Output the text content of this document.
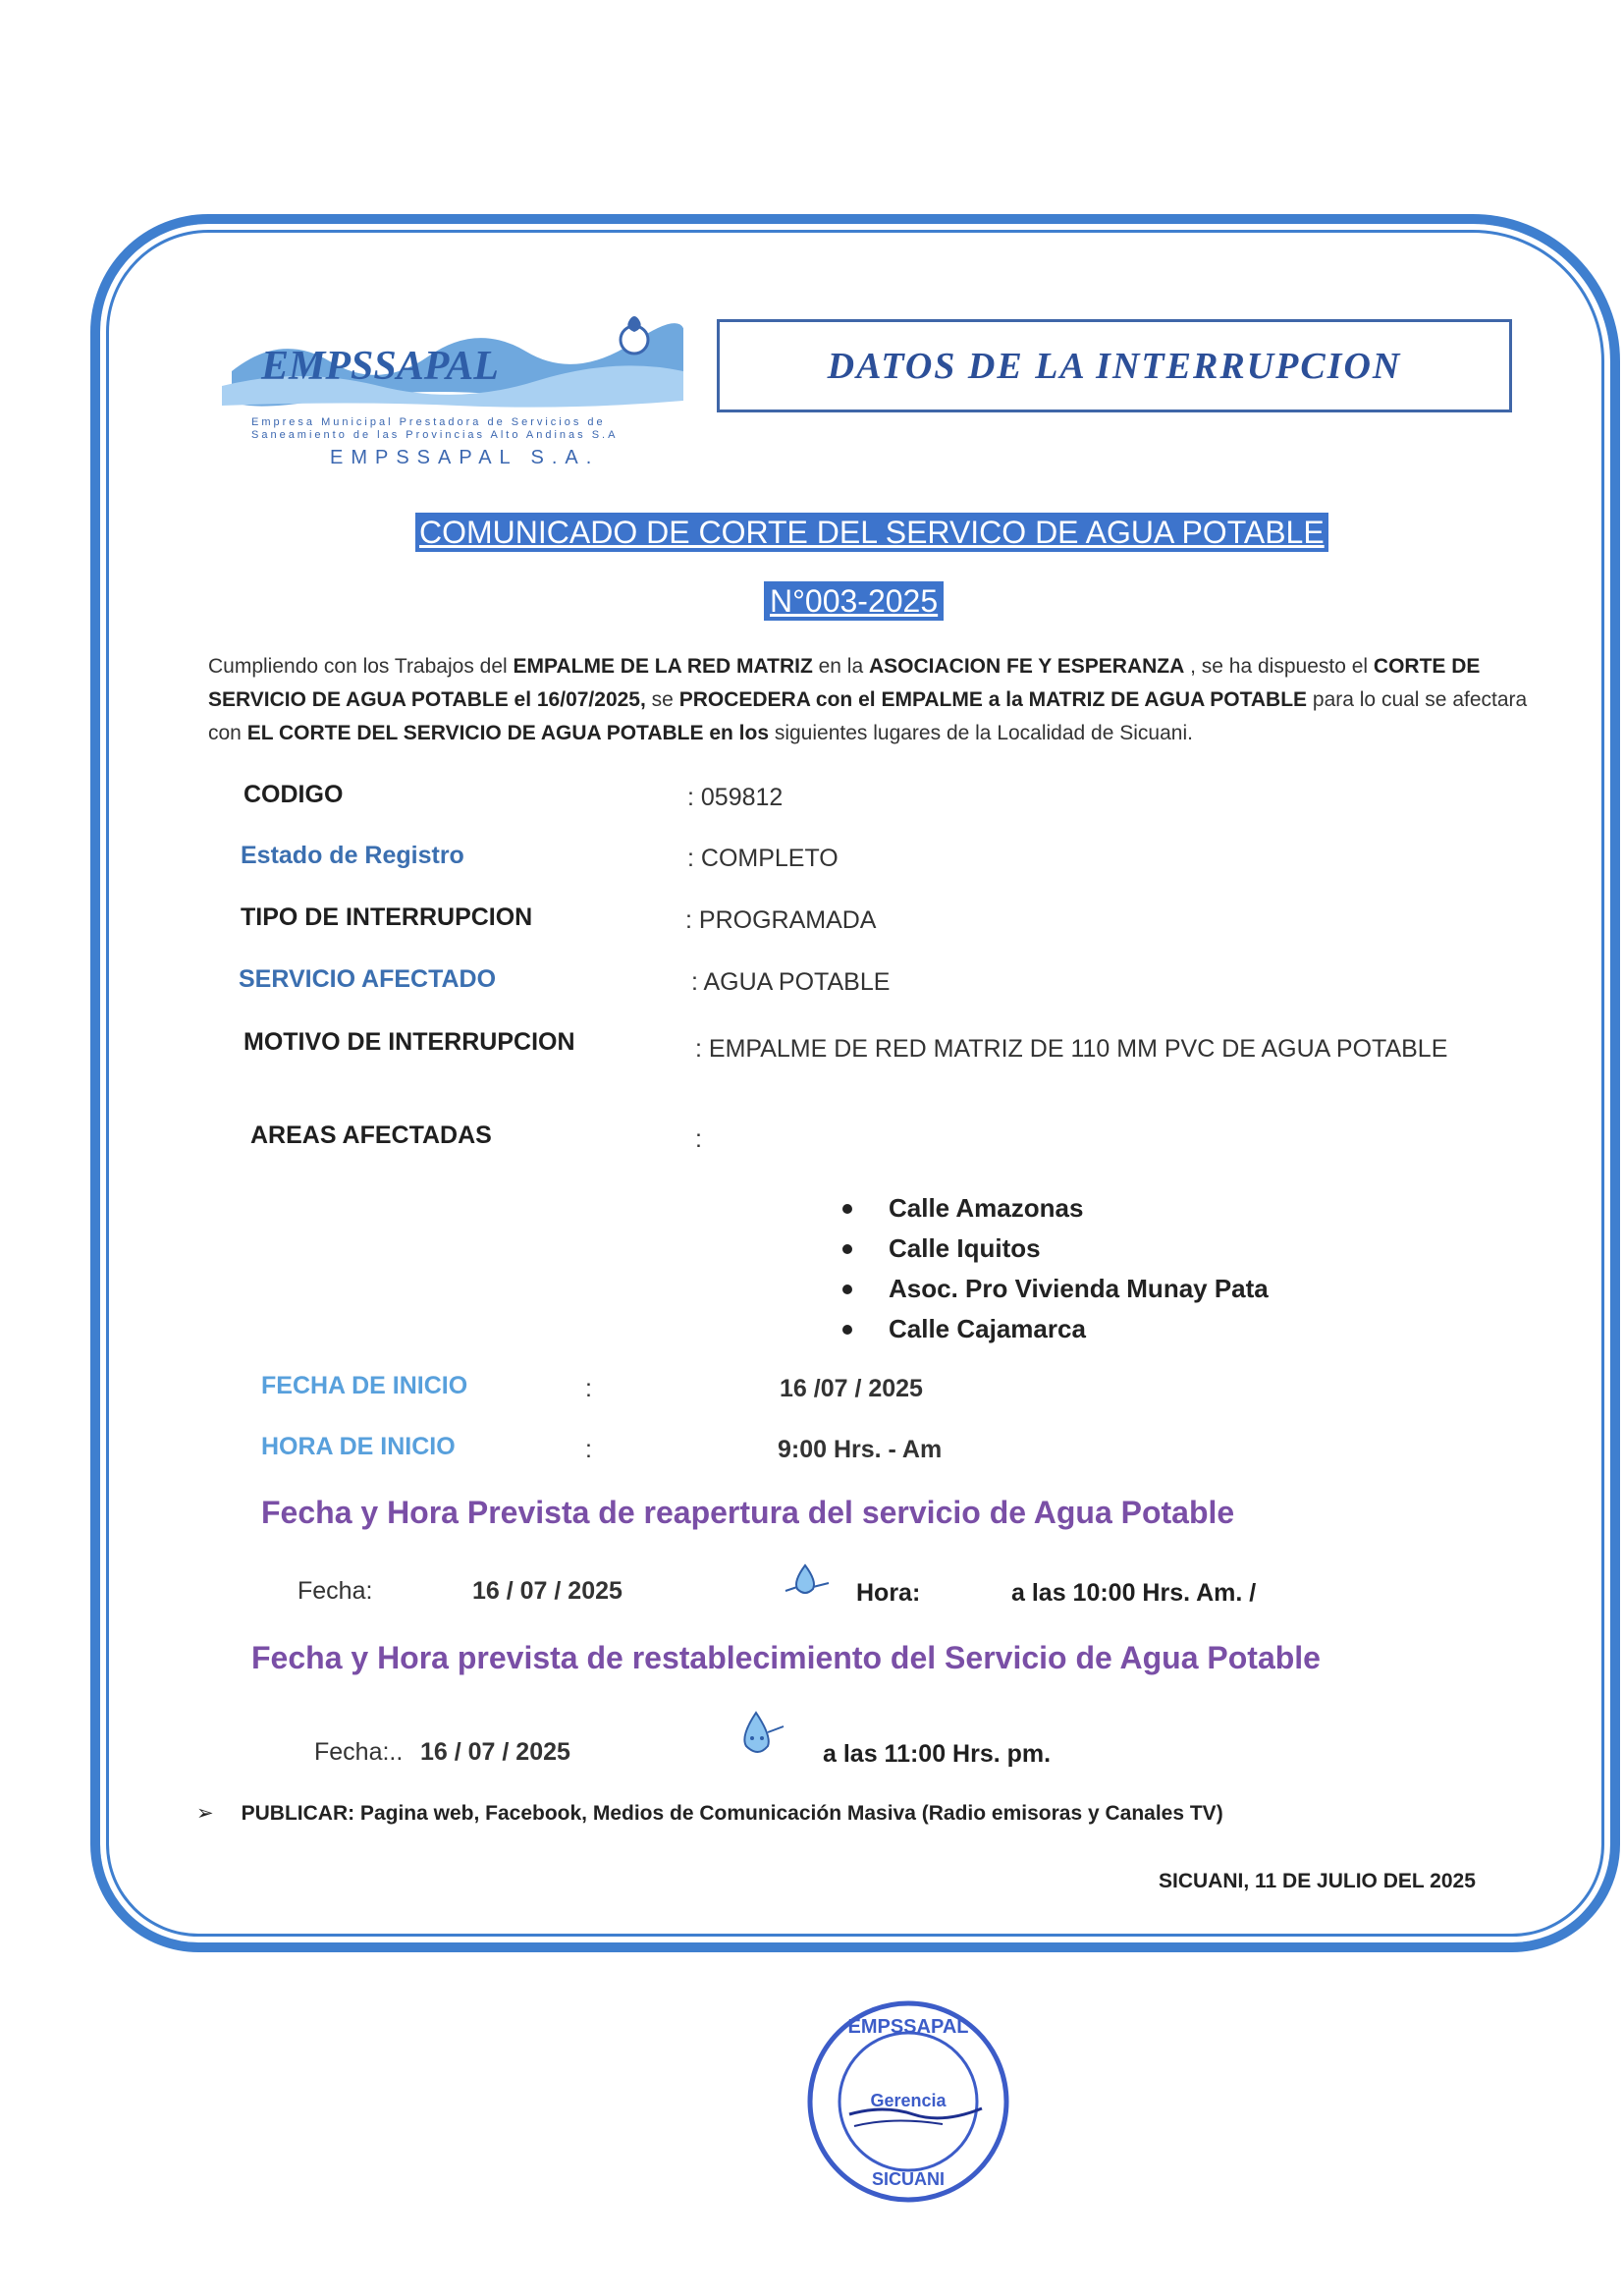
EMPSSAPAL
Empresa Municipal Prestadora de Servicios de
Saneamiento de las Provincias Alto Andinas S.A
EMPSSAPAL S.A.
DATOS DE LA INTERRUPCION
COMUNICADO DE CORTE DEL SERVICO DE AGUA POTABLE
N°003-2025
Cumpliendo con los Trabajos del EMPALME DE LA RED MATRIZ en la ASOCIACION FE Y ESPERANZA , se ha dispuesto el CORTE DE SERVICIO DE AGUA POTABLE el 16/07/2025, se PROCEDERA con el EMPALME a la MATRIZ DE AGUA POTABLE para lo cual se afectara con EL CORTE DEL SERVICIO DE AGUA POTABLE en los siguientes lugares de la Localidad de Sicuani.
CODIGO	: 059812
Estado de Registro	: COMPLETO
TIPO DE INTERRUPCION	: PROGRAMADA
SERVICIO AFECTADO	: AGUA POTABLE
MOTIVO DE INTERRUPCION	: EMPALME DE RED MATRIZ DE 110 MM PVC DE AGUA POTABLE
AREAS AFECTADAS	:
Calle Amazonas
Calle Iquitos
Asoc. Pro Vivienda Munay Pata
Calle Cajamarca
FECHA DE INICIO	:	16 /07 / 2025
HORA DE INICIO	:	9:00 Hrs. - Am
Fecha y Hora Prevista de reapertura del servicio de Agua Potable
Fecha:	16 / 07 / 2025	Hora:	a las 10:00 Hrs. Am. /
Fecha y Hora prevista de restablecimiento del Servicio de Agua Potable
Fecha:.. 16 / 07 / 2025	a las 11:00 Hrs. pm.
➢ PUBLICAR: Pagina web, Facebook, Medios de Comunicación Masiva (Radio emisoras y Canales TV)
SICUANI, 11 DE JULIO DEL 2025
EMPSSAPAL
Gerencia
SICUANI
